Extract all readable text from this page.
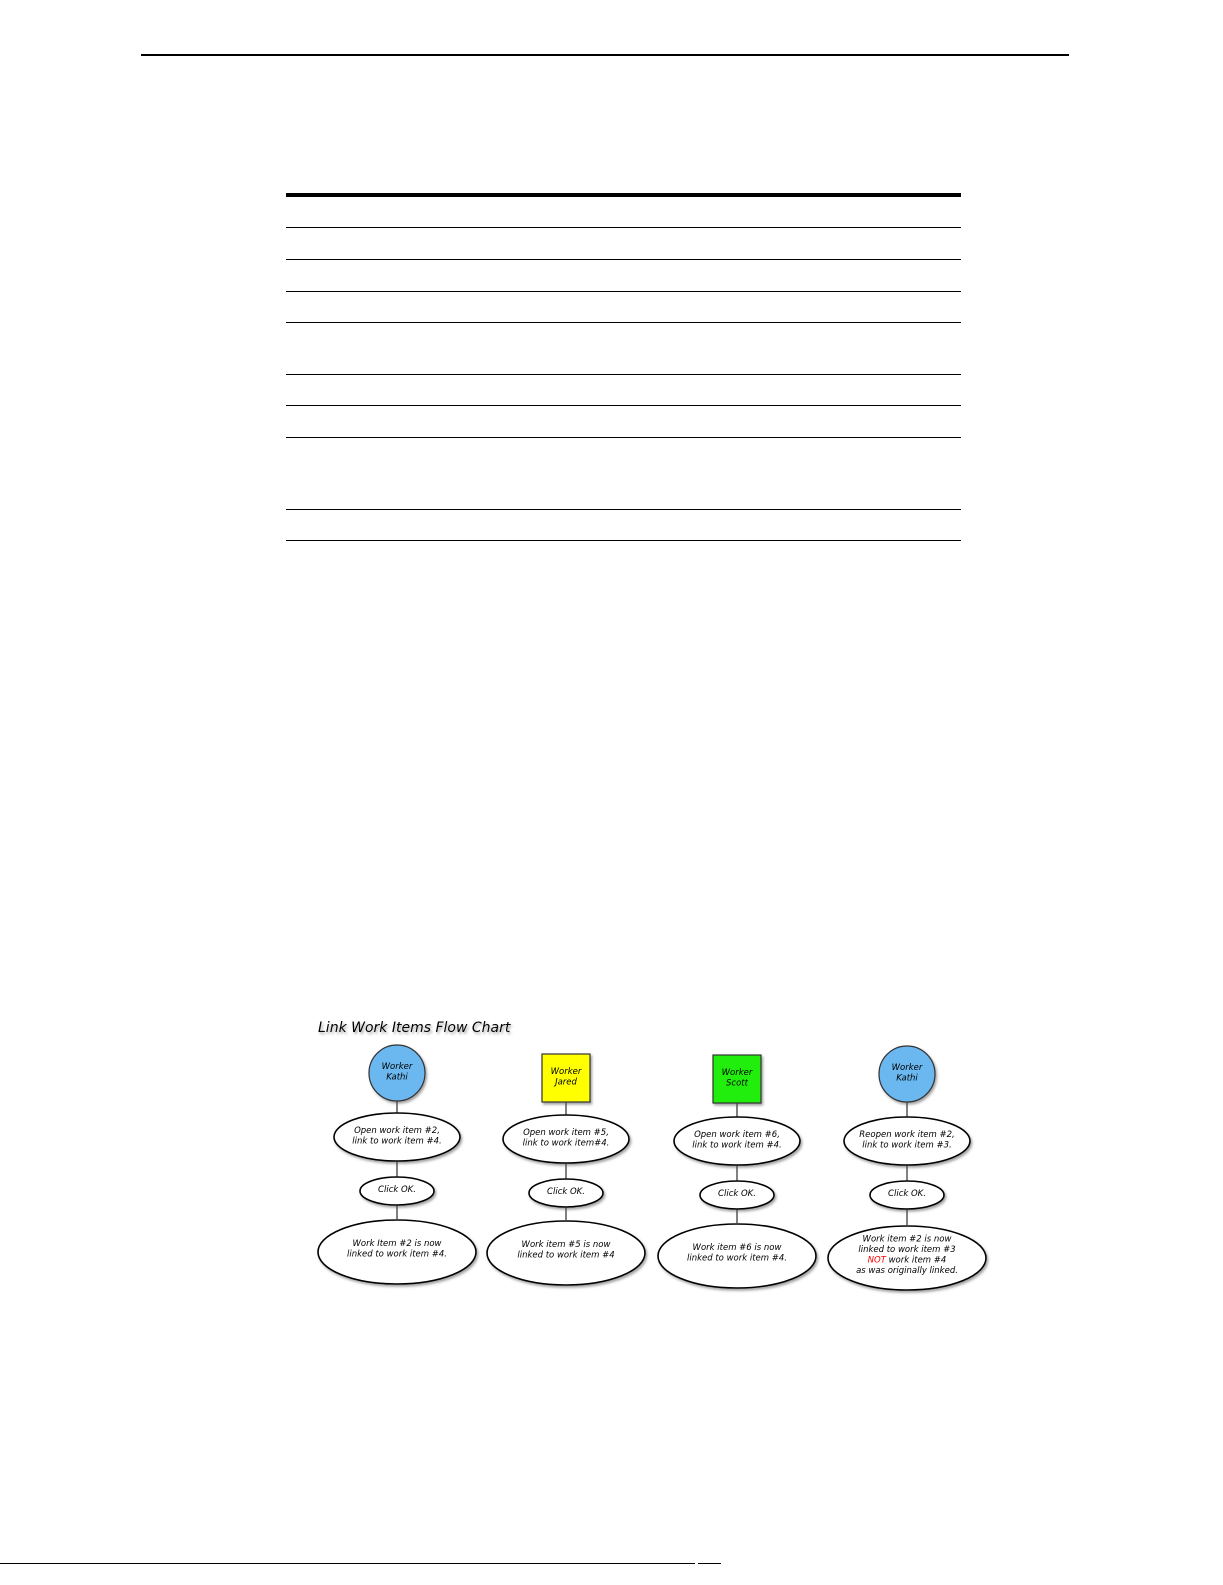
Link Work Items Flow Chart
Worker Kathi
Open work item #2, link to work item #4.
Click OK.
Work Item #2 is now linked to work item #4.
Worker Jared
Open work item #5, link to work item#4.
Click OK.
Work item #5 is now linked to work item #4
Worker Scott
Open work item #6, link to work item #4.
Click OK.
Work item #6 is now linked to work item #4.
Worker Kathi
Reopen work item #2, link to work item #3.
Click OK.
Work item #2 is now linked to work item #3 NOT work item #4 as was originally linked.
